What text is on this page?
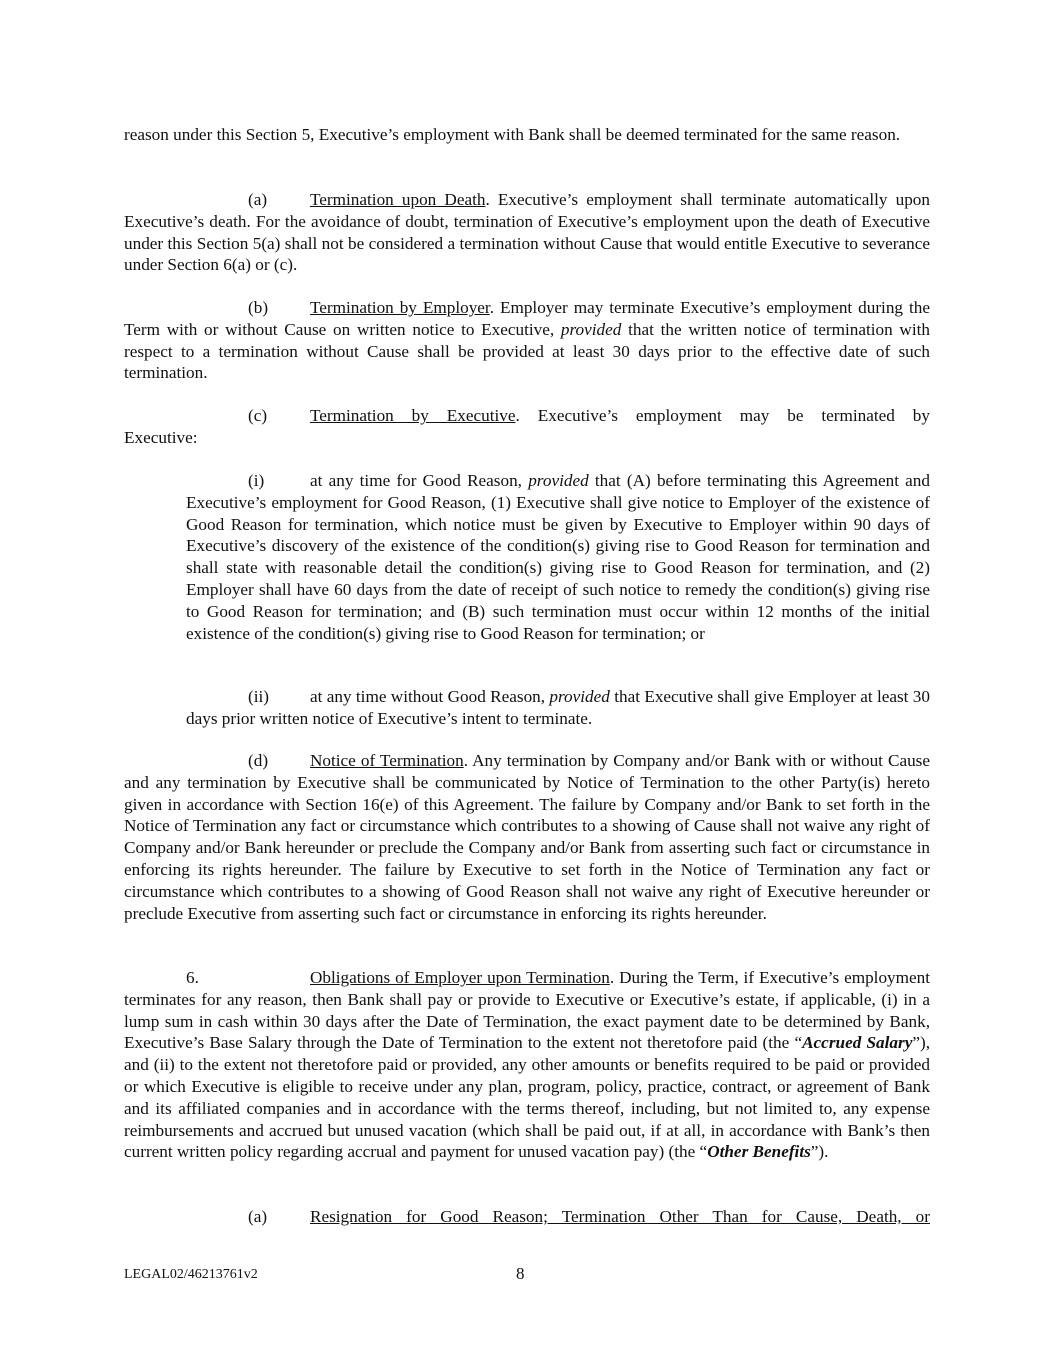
reason under this Section 5, Executive’s employment with Bank shall be deemed terminated for the same reason.

(a) Termination upon Death. Executive’s employment shall terminate automatically upon Executive’s death. For the avoidance of doubt, termination of Executive’s employment upon the death of Executive under this Section 5(a) shall not be considered a termination without Cause that would entitle Executive to severance under Section 6(a) or (c).

(b) Termination by Employer. Employer may terminate Executive’s employment during the Term with or without Cause on written notice to Executive, provided that the written notice of termination with respect to a termination without Cause shall be provided at least 30 days prior to the effective date of such termination.

(c) Termination by Executive. Executive’s employment may be terminated by
Executive:

(i)	at any time for Good Reason, provided that (A) before terminating this Agreement and Executive’s employment for Good Reason, (1) Executive shall give notice to Employer of the existence of Good Reason for termination, which notice must be given by Executive to Employer within 90 days of Executive’s discovery of the existence of the condition(s) giving rise to Good Reason for termination and shall state with reasonable detail the condition(s) giving rise to Good Reason for termination, and (2) Employer shall have 60 days from the date of receipt of such notice to remedy the condition(s) giving rise to Good Reason for termination; and (B) such termination must occur within 12 months of the initial existence of the condition(s) giving rise to Good Reason for termination; or

(ii) at any time without Good Reason, provided that Executive shall give Employer at least 30 days prior written notice of Executive’s intent to terminate.

(d) Notice of Termination. Any termination by Company and/or Bank with or without Cause and any termination by Executive shall be communicated by Notice of Termination to the other Party(is) hereto given in accordance with Section 16(e) of this Agreement. The failure by Company and/or Bank to set forth in the Notice of Termination any fact or circumstance which contributes to a showing of Cause shall not waive any right of Company and/or Bank hereunder or preclude the Company and/or Bank from asserting such fact or circumstance in enforcing its rights hereunder. The failure by Executive to set forth in the Notice of Termination any fact or circumstance which contributes to a showing of Good Reason shall not waive any right of Executive hereunder or preclude Executive from asserting such fact or circumstance in enforcing its rights hereunder.

6.	Obligations of Employer upon Termination. During the Term, if Executive’s employment terminates for any reason, then Bank shall pay or provide to Executive or Executive’s estate, if applicable, (i) in a lump sum in cash within 30 days after the Date of Termination, the exact payment date to be determined by Bank, Executive’s Base Salary through the Date of Termination to the extent not theretofore paid (the “Accrued Salary”), and (ii) to the extent not theretofore paid or provided, any other amounts or benefits required to be paid or provided or which Executive is eligible to receive under any plan, program, policy, practice, contract, or agreement of Bank and its affiliated companies and in accordance with the terms thereof, including, but not limited to, any expense reimbursements and accrued but unused vacation (which shall be paid out, if at all, in accordance with Bank’s then current written policy regarding accrual and payment for unused vacation pay) (the “Other Benefits”).

(a) Resignation for Good Reason; Termination Other Than for Cause, Death, or
LEGAL02/46213761v2	8
